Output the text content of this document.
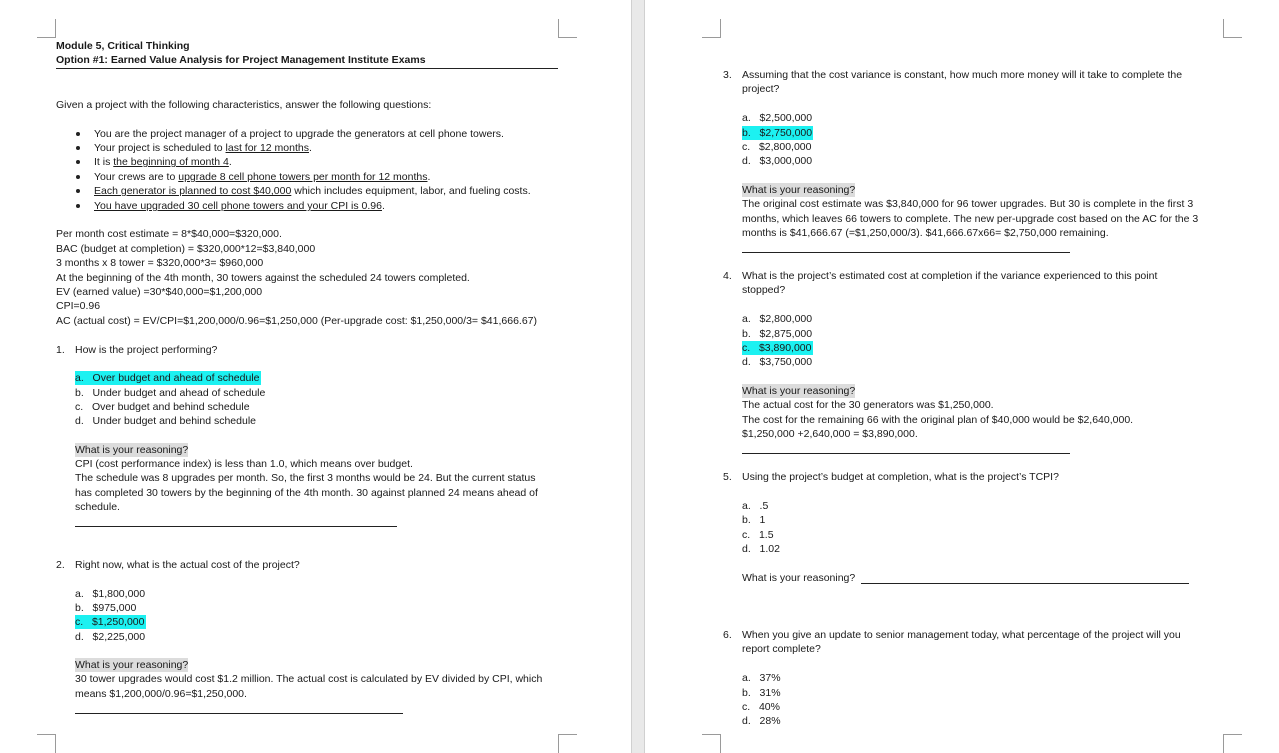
Module 5, Critical Thinking
Option #1: Earned Value Analysis for Project Management Institute Exams
Given a project with the following characteristics, answer the following questions:
You are the project manager of a project to upgrade the generators at cell phone towers.
Your project is scheduled to last for 12 months.
It is the beginning of month 4.
Your crews are to upgrade 8 cell phone towers per month for 12 months.
Each generator is planned to cost $40,000 which includes equipment, labor, and fueling costs.
You have upgraded 30 cell phone towers and your CPI is 0.96.
Per month cost estimate = 8*$40,000=$320,000.
BAC (budget at completion) = $320,000*12=$3,840,000
3 months x 8 tower = $320,000*3= $960,000
At the beginning of the 4th month, 30 towers against the scheduled 24 towers completed.
EV (earned value) =30*$40,000=$1,200,000
CPI=0.96
AC (actual cost) = EV/CPI=$1,200,000/0.96=$1,250,000 (Per-upgrade cost: $1,250,000/3= $41,666.67)
1. How is the project performing?
a. Over budget and ahead of schedule
b. Under budget and ahead of schedule
c. Over budget and behind schedule
d. Under budget and behind schedule
What is your reasoning?
CPI (cost performance index) is less than 1.0, which means over budget.
The schedule was 8 upgrades per month. So, the first 3 months would be 24. But the current status
has completed 30 towers by the beginning of the 4th month. 30 against planned 24 means ahead of
schedule.
2. Right now, what is the actual cost of the project?
a. $1,800,000
b. $975,000
c. $1,250,000
d. $2,225,000
What is your reasoning?
30 tower upgrades would cost $1.2 million. The actual cost is calculated by EV divided by CPI, which
means $1,200,000/0.96=$1,250,000.
3. Assuming that the cost variance is constant, how much more money will it take to complete the
project?
a. $2,500,000
b. $2,750,000
c. $2,800,000
d. $3,000,000
What is your reasoning?
The original cost estimate was $3,840,000 for 96 tower upgrades. But 30 is complete in the first 3
months, which leaves 66 towers to complete. The new per-upgrade cost based on the AC for the 3
months is $41,666.67 (=$1,250,000/3). $41,666.67x66= $2,750,000 remaining.
4. What is the project’s estimated cost at completion if the variance experienced to this point
stopped?
a. $2,800,000
b. $2,875,000
c. $3,890,000
d. $3,750,000
What is your reasoning?
The actual cost for the 30 generators was $1,250,000.
The cost for the remaining 66 with the original plan of $40,000 would be $2,640,000.
$1,250,000 +2,640,000 = $3,890,000.
5. Using the project’s budget at completion, what is the project’s TCPI?
a. .5
b. 1
c. 1.5
d. 1.02
What is your reasoning?
6. When you give an update to senior management today, what percentage of the project will you
report complete?
a. 37%
b. 31%
c. 40%
d. 28%
